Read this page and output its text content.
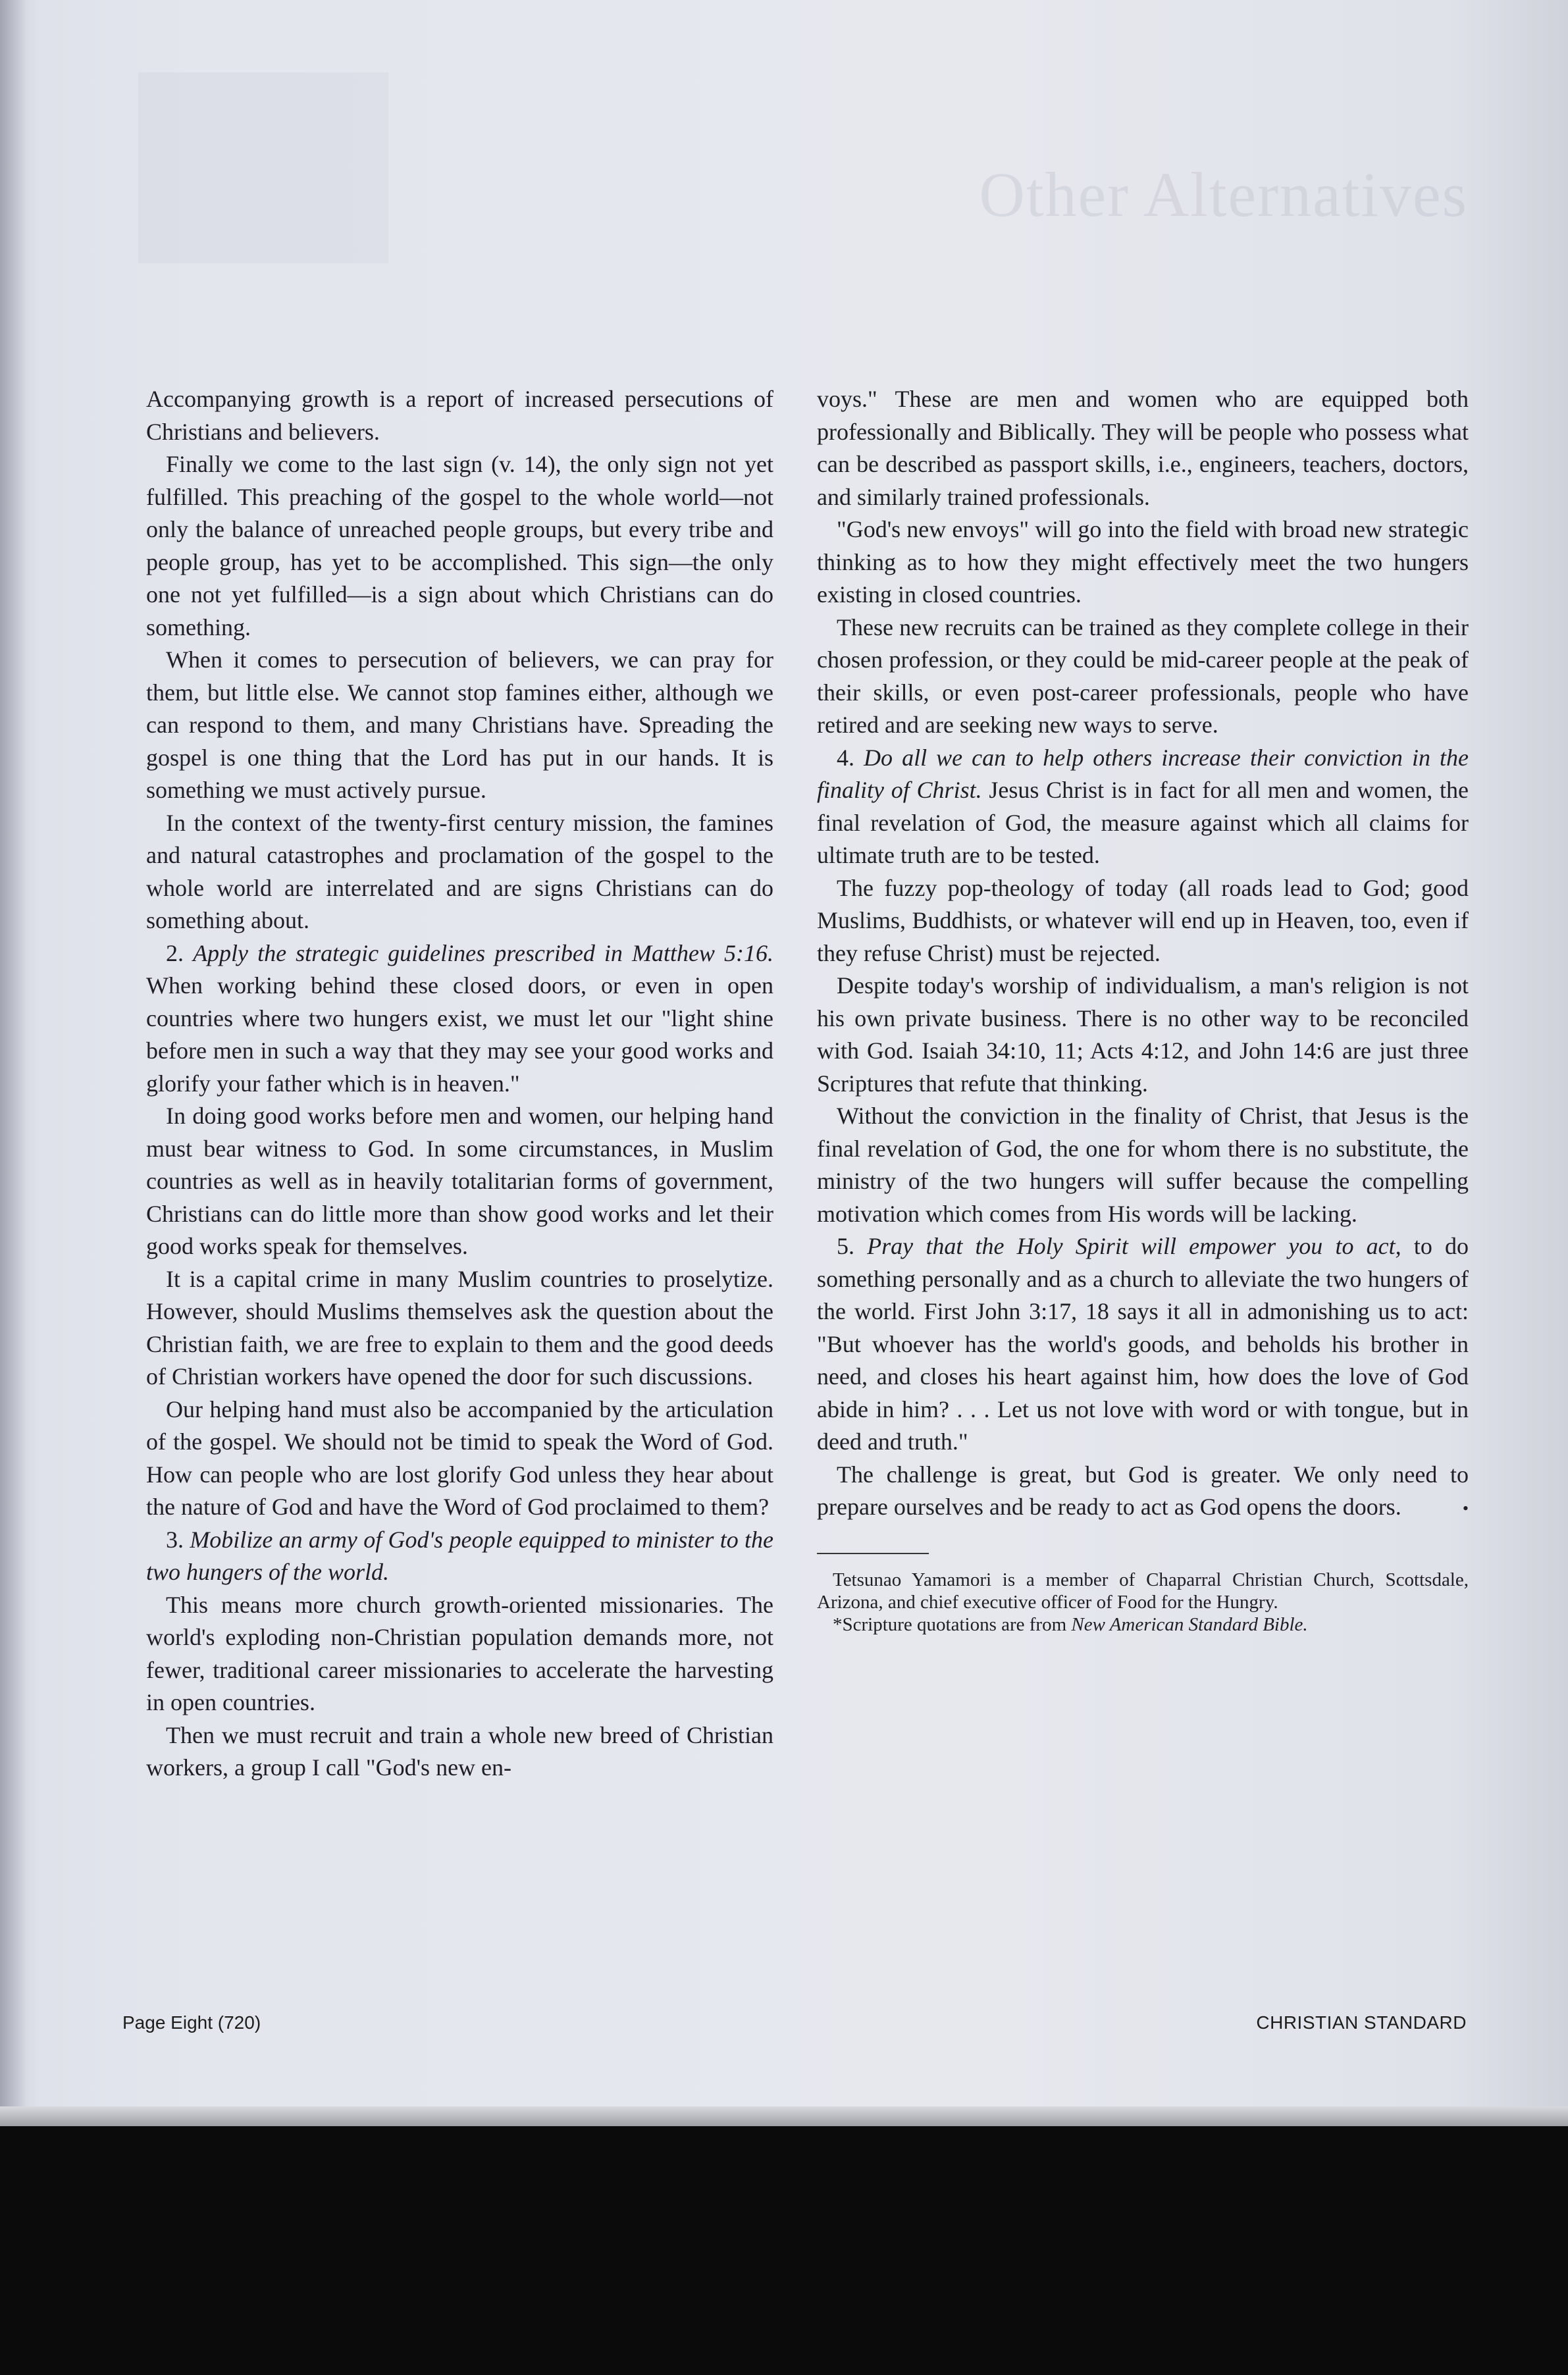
Other Alternatives

Accompanying growth is a report of increased persecutions of Christians and believers.

Finally we come to the last sign (v. 14), the only sign not yet fulfilled. This preaching of the gospel to the whole world—not only the balance of unreached people groups, but every tribe and people group, has yet to be accomplished. This sign—the only one not yet fulfilled—is a sign about which Christians can do something.

When it comes to persecution of believers, we can pray for them, but little else. We cannot stop famines either, although we can respond to them, and many Christians have. Spreading the gospel is one thing that the Lord has put in our hands. It is something we must actively pursue.

In the context of the twenty-first century mission, the famines and natural catastrophes and proclamation of the gospel to the whole world are interrelated and are signs Christians can do something about.

2. Apply the strategic guidelines prescribed in Matthew 5:16. When working behind these closed doors, or even in open countries where two hungers exist, we must let our "light shine before men in such a way that they may see your good works and glorify your father which is in heaven."

In doing good works before men and women, our helping hand must bear witness to God. In some circumstances, in Muslim countries as well as in heavily totalitarian forms of government, Christians can do little more than show good works and let their good works speak for themselves.

It is a capital crime in many Muslim countries to proselytize. However, should Muslims themselves ask the question about the Christian faith, we are free to explain to them and the good deeds of Christian workers have opened the door for such discussions.

Our helping hand must also be accompanied by the articulation of the gospel. We should not be timid to speak the Word of God. How can people who are lost glorify God unless they hear about the nature of God and have the Word of God proclaimed to them?

3. Mobilize an army of God's people equipped to minister to the two hungers of the world.

This means more church growth-oriented missionaries. The world's exploding non-Christian population demands more, not fewer, traditional career missionaries to accelerate the harvesting in open countries.

Then we must recruit and train a whole new breed of Christian workers, a group I call "God's new en-

voys." These are men and women who are equipped both professionally and Biblically. They will be people who possess what can be described as passport skills, i.e., engineers, teachers, doctors, and similarly trained professionals.

"God's new envoys" will go into the field with broad new strategic thinking as to how they might effectively meet the two hungers existing in closed countries.

These new recruits can be trained as they complete college in their chosen profession, or they could be mid-career people at the peak of their skills, or even post-career professionals, people who have retired and are seeking new ways to serve.

4. Do all we can to help others increase their conviction in the finality of Christ. Jesus Christ is in fact for all men and women, the final revelation of God, the measure against which all claims for ultimate truth are to be tested.

The fuzzy pop-theology of today (all roads lead to God; good Muslims, Buddhists, or whatever will end up in Heaven, too, even if they refuse Christ) must be rejected.

Despite today's worship of individualism, a man's religion is not his own private business. There is no other way to be reconciled with God. Isaiah 34:10, 11; Acts 4:12, and John 14:6 are just three Scriptures that refute that thinking.

Without the conviction in the finality of Christ, that Jesus is the final revelation of God, the one for whom there is no substitute, the ministry of the two hungers will suffer because the compelling motivation which comes from His words will be lacking.

5. Pray that the Holy Spirit will empower you to act, to do something personally and as a church to alleviate the two hungers of the world. First John 3:17, 18 says it all in admonishing us to act: "But whoever has the world's goods, and beholds his brother in need, and closes his heart against him, how does the love of God abide in him? . . . Let us not love with word or with tongue, but in deed and truth."

The challenge is great, but God is greater. We only need to prepare ourselves and be ready to act as God opens the doors.	•

Tetsunao Yamamori is a member of Chaparral Christian Church, Scottsdale, Arizona, and chief executive officer of Food for the Hungry.

*Scripture quotations are from New American Standard Bible.

Page Eight (720)	CHRISTIAN STANDARD
